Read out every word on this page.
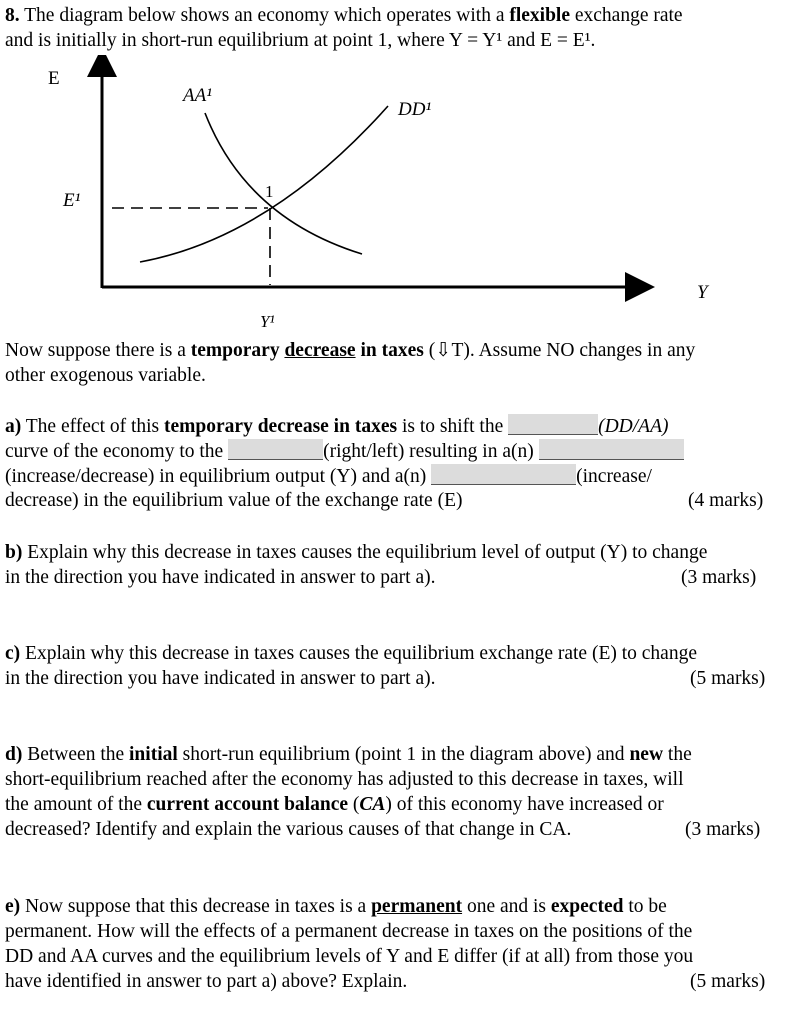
8. The diagram below shows an economy which operates with a flexible exchange rate
and is initially in short-run equilibrium at point 1, where Y = Y¹ and E = E¹.
E
Y
AA¹
DD¹
E¹	1
Y¹
Now suppose there is a temporary decrease in taxes (⇩T). Assume NO changes in any
other exogenous variable.
a) The effect of this temporary decrease in taxes is to shift the	(DD/AA)
curve of the economy to the	(right/left) resulting in a(n)
(increase/decrease) in equilibrium output (Y) and a(n)	(increase/
decrease) in the equilibrium value of the exchange rate (E)	(4 marks)
b) Explain why this decrease in taxes causes the equilibrium level of output (Y) to change
in the direction you have indicated in answer to part a).	(3 marks)
c) Explain why this decrease in taxes causes the equilibrium exchange rate (E) to change
in the direction you have indicated in answer to part a).	(5 marks)
d) Between the initial short-run equilibrium (point 1 in the diagram above) and new the
short-equilibrium reached after the economy has adjusted to this decrease in taxes, will
the amount of the current account balance (CA) of this economy have increased or
decreased? Identify and explain the various causes of that change in CA.	(3 marks)
e) Now suppose that this decrease in taxes is a permanent one and is expected to be
permanent. How will the effects of a permanent decrease in taxes on the positions of the
DD and AA curves and the equilibrium levels of Y and E differ (if at all) from those you
have identified in answer to part a) above? Explain.	(5 marks)
